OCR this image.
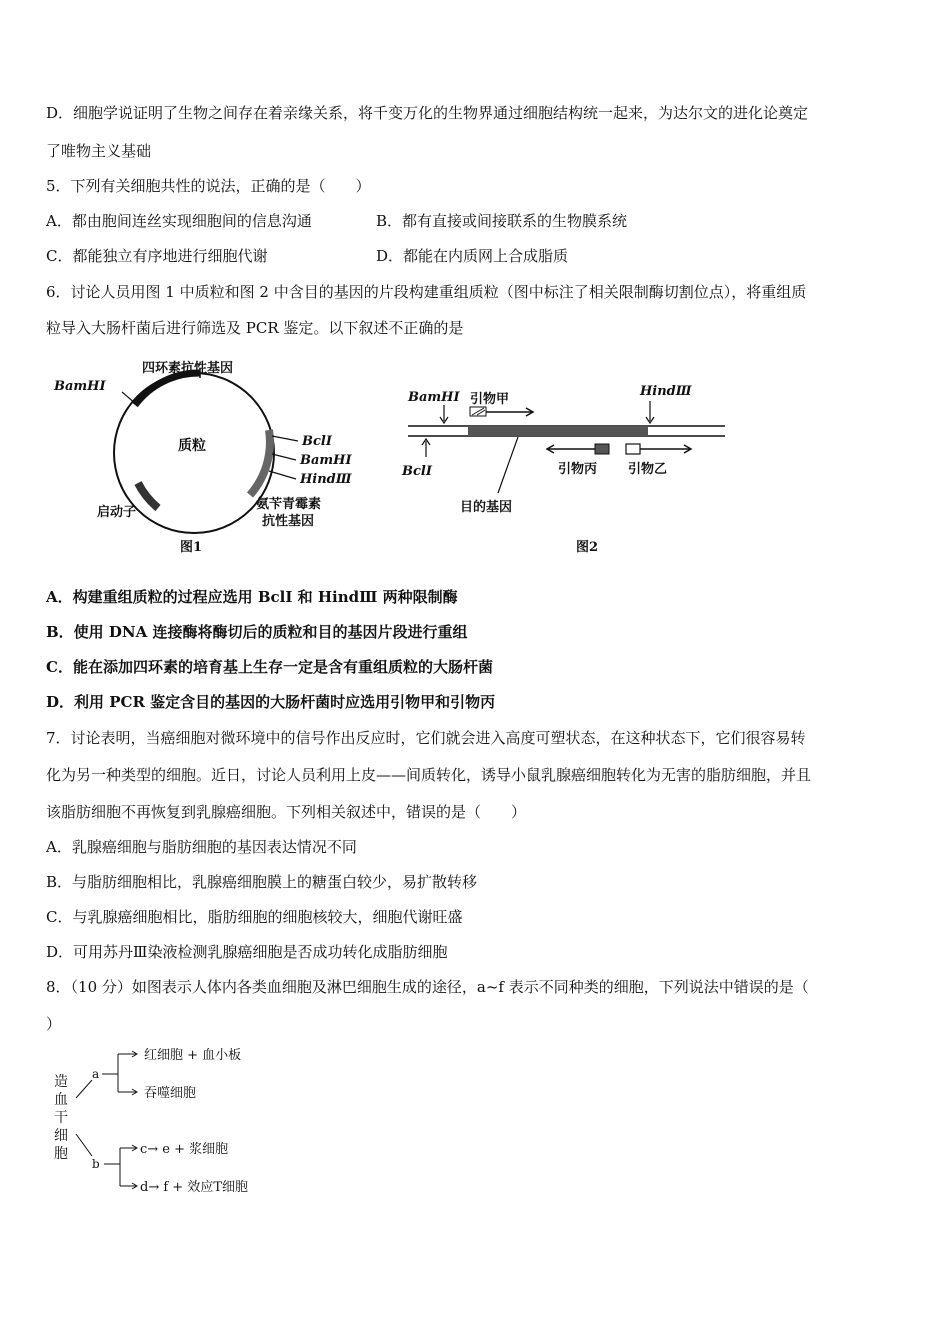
D．细胞学说证明了生物之间存在着亲缘关系，将千变万化的生物界通过细胞结构统一起来，为达尔文的进化论奠定
了唯物主义基础
5．下列有关细胞共性的说法，正确的是（　　）
A．都由胞间连丝实现细胞间的信息沟通	B．都有直接或间接联系的生物膜系统
C．都能独立有序地进行细胞代谢	D．都能在内质网上合成脂质
6．讨论人员用图 1 中质粒和图 2 中含目的基因的片段构建重组质粒（图中标注了相关限制酶切割位点），将重组质
粒导入大肠杆菌后进行筛选及 PCR 鉴定。以下叙述不正确的是
四环素抗性基因
BamHⅠ
质粒	BclⅠ
BamHⅠ
HindⅢ
氨苄青霉素
抗性基因
启动子
图1
BamHⅠ 引物甲
HindⅢ
BclⅠ	引物丙 引物乙
目的基因
图2
A．构建重组质粒的过程应选用 BclⅠ 和 HindⅢ 两种限制酶
B．使用 DNA 连接酶将酶切后的质粒和目的基因片段进行重组
C．能在添加四环素的培育基上生存一定是含有重组质粒的大肠杆菌
D．利用 PCR 鉴定含目的基因的大肠杆菌时应选用引物甲和引物丙
7．讨论表明，当癌细胞对微环境中的信号作出反应时，它们就会进入高度可塑状态，在这种状态下，它们很容易转
化为另一种类型的细胞。近日，讨论人员利用上皮——间质转化，诱导小鼠乳腺癌细胞转化为无害的脂肪细胞，并且
该脂肪细胞不再恢复到乳腺癌细胞。下列相关叙述中，错误的是（　　）
A．乳腺癌细胞与脂肪细胞的基因表达情况不同
B．与脂肪细胞相比，乳腺癌细胞膜上的糖蛋白较少，易扩散转移
C．与乳腺癌细胞相比，脂肪细胞的细胞核较大，细胞代谢旺盛
D．可用苏丹Ⅲ染液检测乳腺癌细胞是否成功转化成脂肪细胞
8．（10 分）如图表示人体内各类血细胞及淋巴细胞生成的途径，a~f 表示不同种类的细胞，下列说法中错误的是（
）
造
血
干
细
胞
a
红细胞 + 血小板
吞噬细胞
b
c→ e + 浆细胞
d→ f + 效应T细胞
